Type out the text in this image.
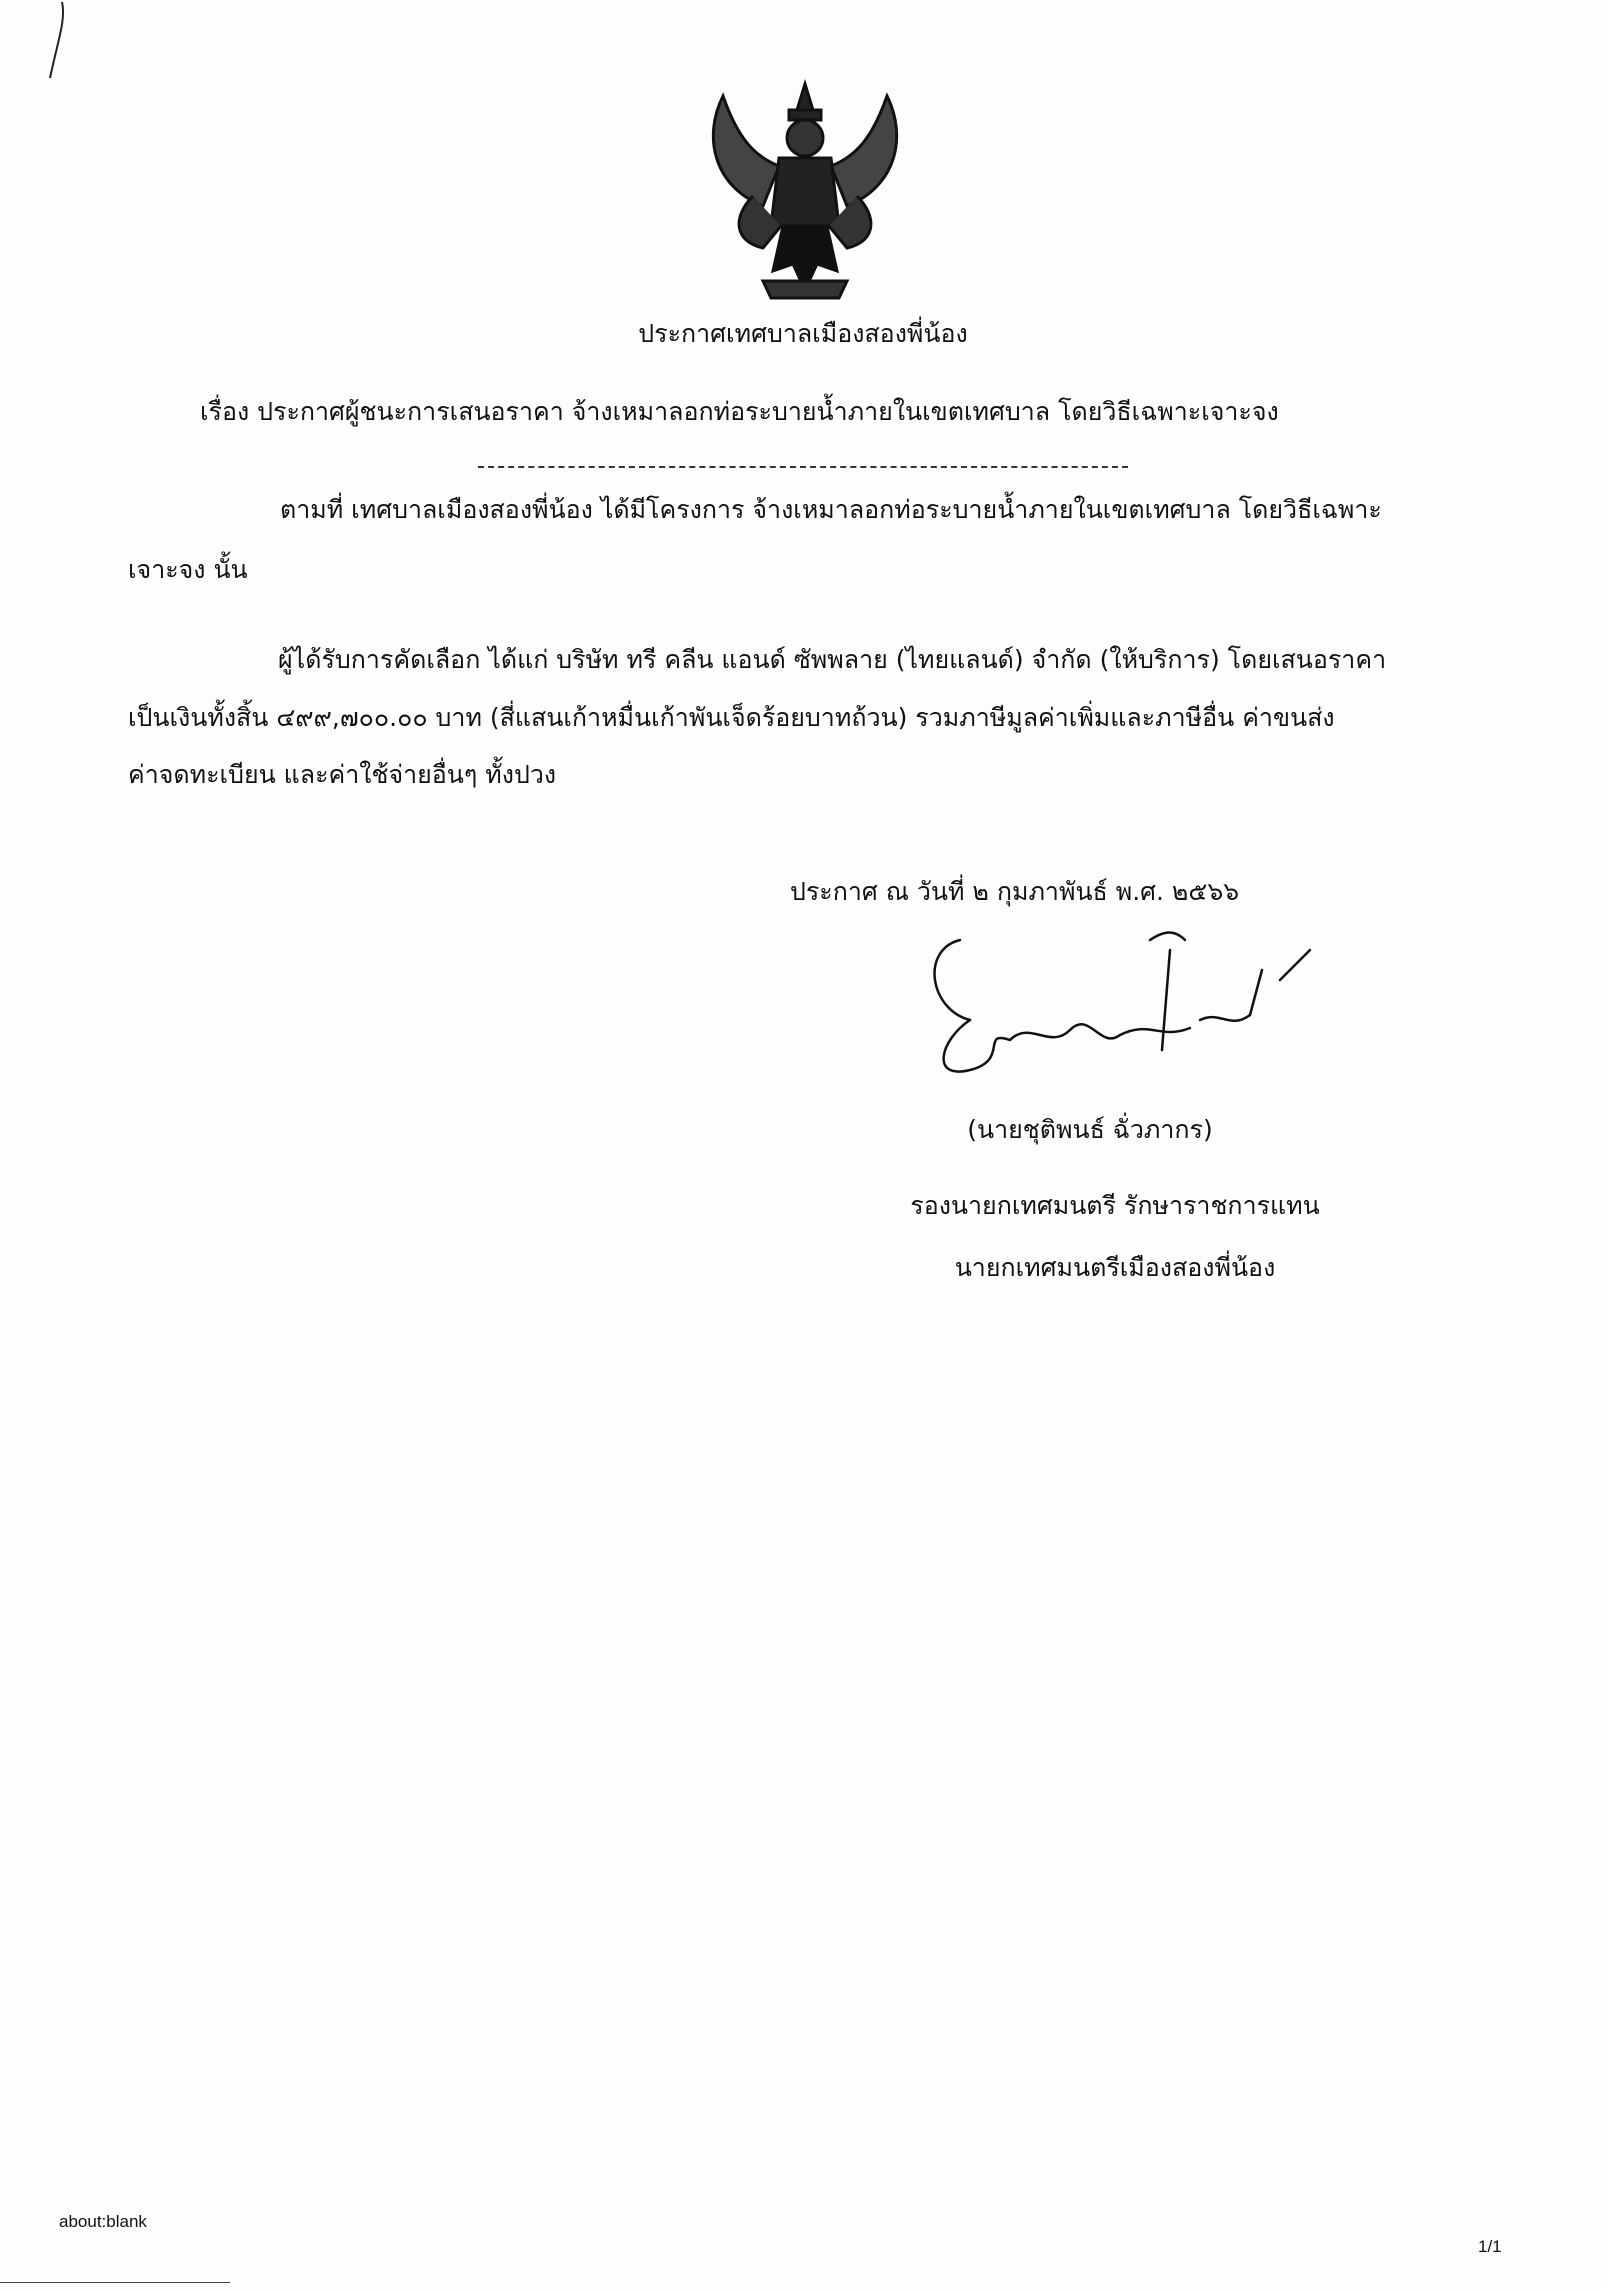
ประกาศเทศบาลเมืองสองพี่น้อง
เรื่อง ประกาศผู้ชนะการเสนอราคา จ้างเหมาลอกท่อระบายน้ำภายในเขตเทศบาล โดยวิธีเฉพาะเจาะจง
ตามที่ เทศบาลเมืองสองพี่น้อง ได้มีโครงการ จ้างเหมาลอกท่อระบายน้ำภายในเขตเทศบาล โดยวิธีเฉพาะ
เจาะจง นั้น
ผู้ได้รับการคัดเลือก ได้แก่ บริษัท ทรี คลีน แอนด์ ซัพพลาย (ไทยแลนด์) จำกัด (ให้บริการ) โดยเสนอราคา
เป็นเงินทั้งสิ้น ๔๙๙,๗๐๐.๐๐ บาท (สี่แสนเก้าหมื่นเก้าพันเจ็ดร้อยบาทถ้วน) รวมภาษีมูลค่าเพิ่มและภาษีอื่น ค่าขนส่ง
ค่าจดทะเบียน และค่าใช้จ่ายอื่นๆ ทั้งปวง
ประกาศ ณ วันที่ ๒ กุมภาพันธ์ พ.ศ. ๒๕๖๖
(นายชุติพนธ์ ฉั่วภากร)
รองนายกเทศมนตรี รักษาราชการแทน
นายกเทศมนตรีเมืองสองพี่น้อง
about:blank
1/1
